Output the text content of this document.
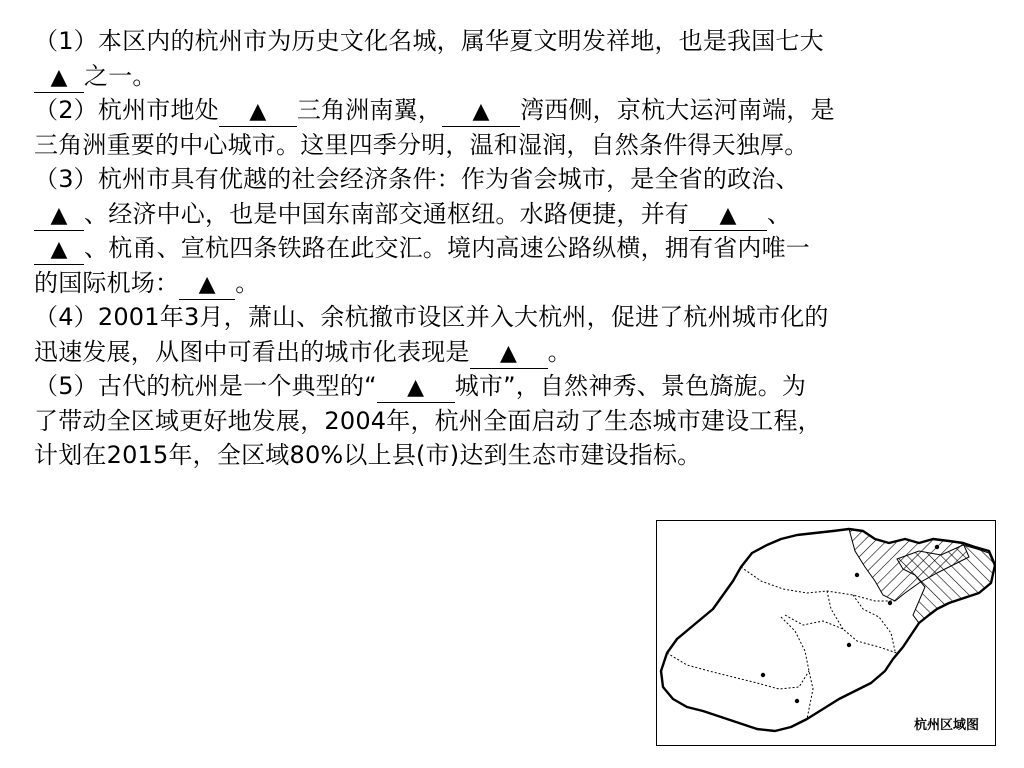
（1）本区内的杭州市为历史文化名城，属华夏文明发祥地，也是我国七大
▲ 之一。

（2）杭州市地处 ▲ 三角洲南翼， ▲ 湾西侧，京杭大运河南端，是
三角洲重要的中心城市。这里四季分明，温和湿润，自然条件得天独厚。

（3）杭州市具有优越的社会经济条件：作为省会城市，是全省的政治、
▲ 、经济中心，也是中国东南部交通枢纽。水路便捷，并有 ▲ 、
▲ 、杭甬、宣杭四条铁路在此交汇。境内高速公路纵横，拥有省内唯一
的国际机场： ▲ 。

（4）2001年3月，萧山、余杭撤市设区并入大杭州，促进了杭州城市化的
迅速发展，从图中可看出的城市化表现是 ▲ 。

（5）古代的杭州是一个典型的“ ▲ 城市”，自然神秀、景色旖旎。为
了带动全区域更好地发展，2004年，杭州全面启动了生态城市建设工程，
计划在2015年，全区域80%以上县(市)达到生态市建设指标。

杭州区域图
